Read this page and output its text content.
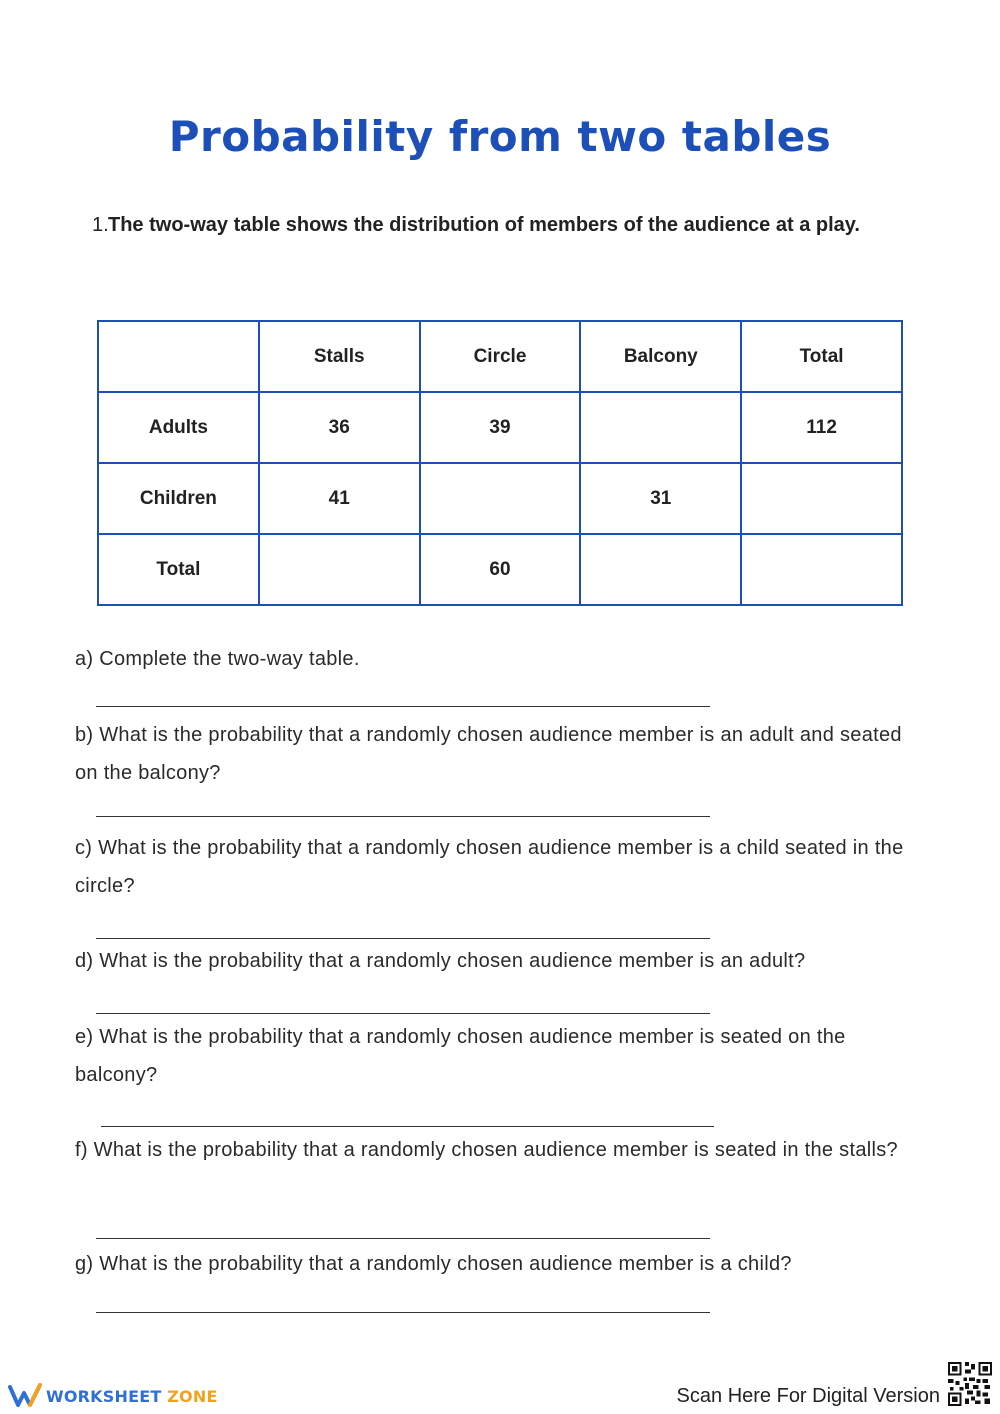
Probability from two tables
1. The two-way table shows the distribution of members of the audience at a play.
	Stalls	Circle	Balcony	Total
Adults	36	39		112
Children	41		31	
Total		60		
a) Complete the two-way table.
b) What is the probability that a randomly chosen audience member is an adult and seated on the balcony?
c) What is the probability that a randomly chosen audience member is a child seated in the circle?
d) What is the probability that a randomly chosen audience member is an adult?
e) What is the probability that a randomly chosen audience member is seated on the balcony?
f) What is the probability that a randomly chosen audience member is seated in the stalls?
g) What is the probability that a randomly chosen audience member is a child?
WORKSHEET ZONE	Scan Here For Digital Version
